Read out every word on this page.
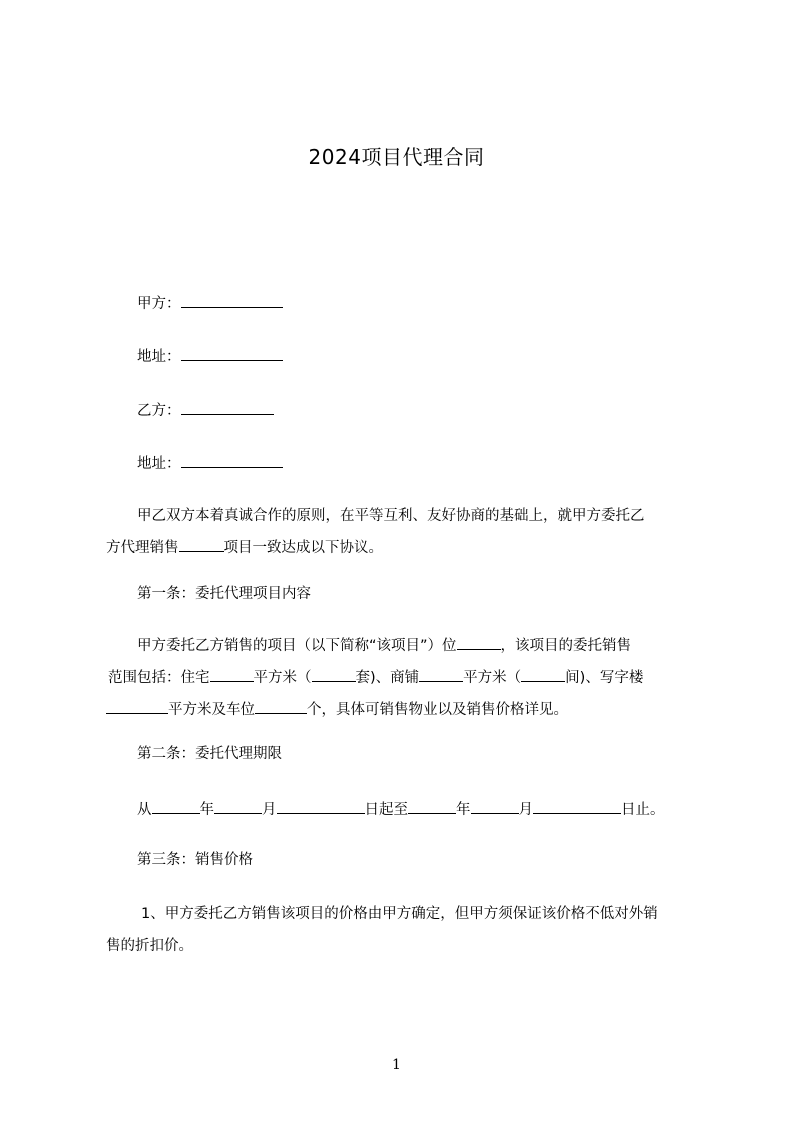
2024项目代理合同
甲方：
地址：
乙方：
地址：
甲乙双方本着真诚合作的原则，在平等互利、友好协商的基础上，就甲方委托乙
方代理销售	项目一致达成以下协议。
第一条：委托代理项目内容
甲方委托乙方销售的项目（以下简称“该项目”）位	，该项目的委托销售
范围包括：住宅	平方米（	套)、商铺	平方米（	间)、写字楼
平方米及车位	个，具体可销售物业以及销售价格详见。
第二条：委托代理期限
从	年	月	日起至	年	月	日止。
第三条：销售价格
1、甲方委托乙方销售该项目的价格由甲方确定，但甲方须保证该价格不低对外销
售的折扣价。
1
